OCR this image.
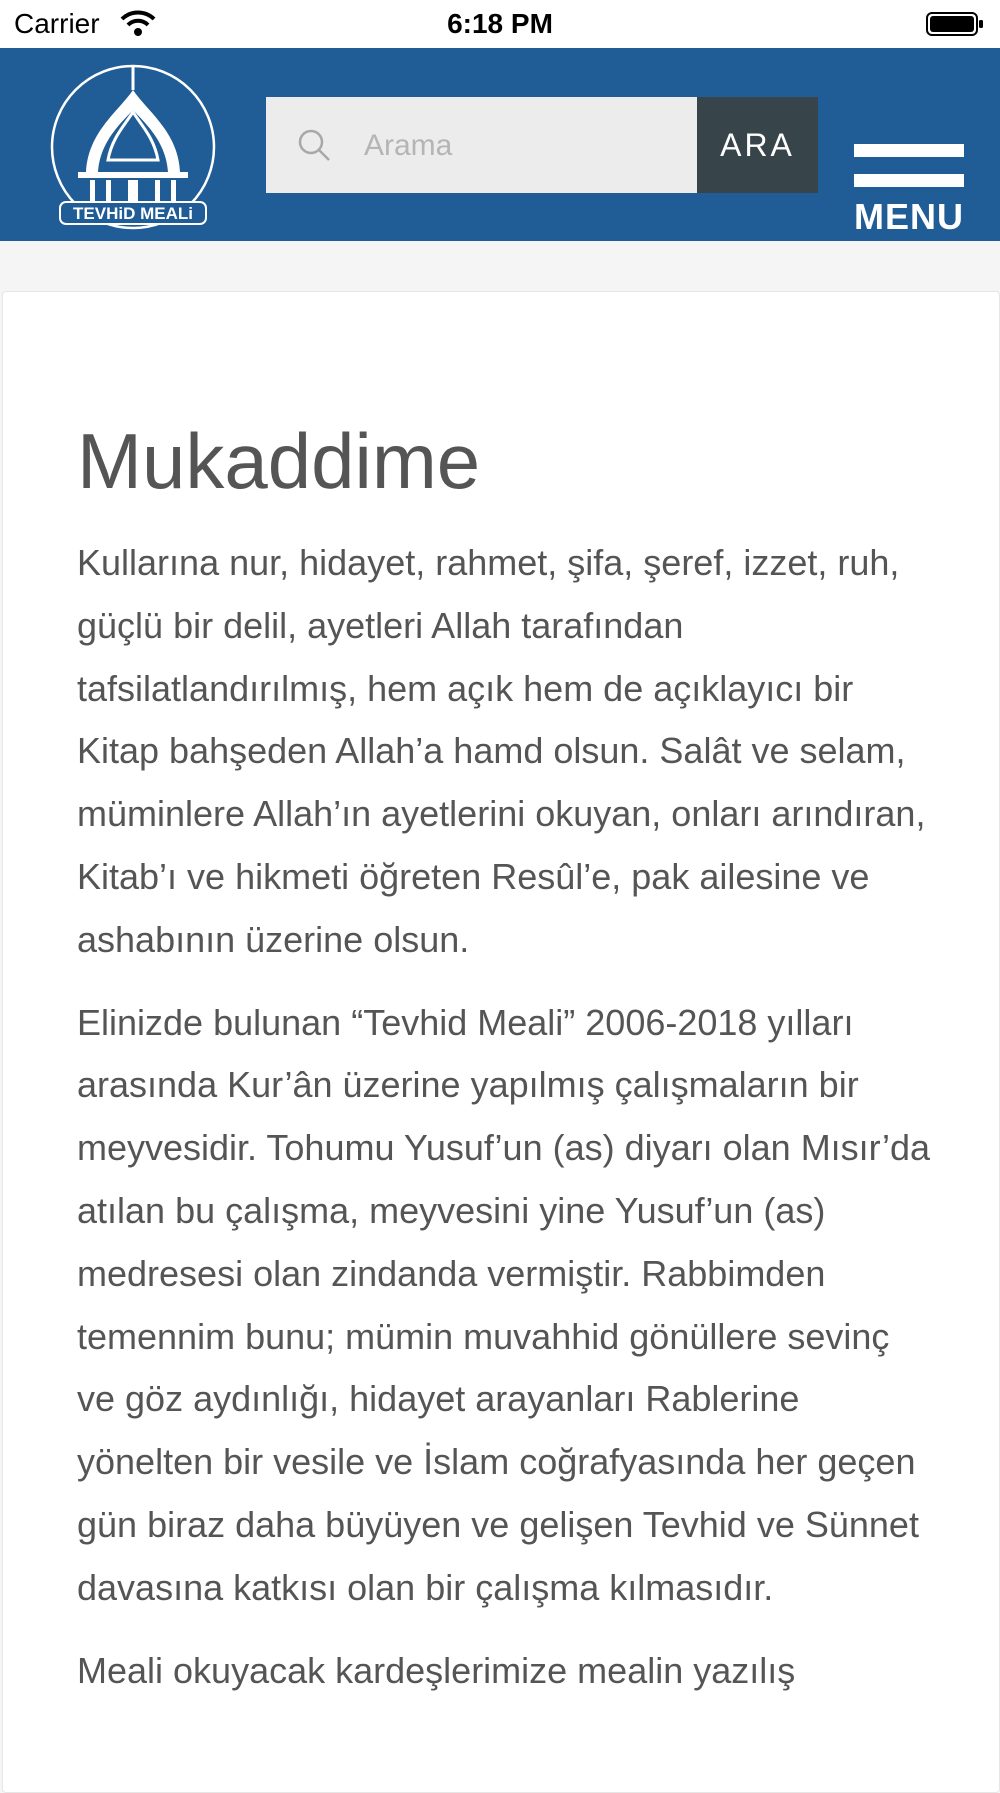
Carrier	6:18 PM
TEVHiD MEALi
Arama
ARA
MENU
Mukaddime

Kullarına nur, hidayet, rahmet, şifa, şeref, izzet, ruh, güçlü bir delil, ayetleri Allah tarafından tafsilatlandırılmış, hem açık hem de açıklayıcı bir Kitap bahşeden Allah’a hamd olsun. Salât ve selam, müminlere Allah’ın ayetlerini okuyan, onları arındıran, Kitab’ı ve hikmeti öğreten Resûl’e, pak ailesine ve ashabının üzerine olsun.

Elinizde bulunan “Tevhid Meali” 2006-2018 yılları arasında Kur’ân üzerine yapılmış çalışmaların bir meyvesidir. Tohumu Yusuf’un (as) diyarı olan Mısır’da atılan bu çalışma, meyvesini yine Yusuf’un (as) medresesi olan zindanda vermiştir. Rabbimden temennim bunu; mümin muvahhid gönüllere sevinç ve göz aydınlığı, hidayet arayanları Rablerine yönelten bir vesile ve İslam coğrafyasında her geçen gün biraz daha büyüyen ve gelişen Tevhid ve Sünnet davasına katkısı olan bir çalışma kılmasıdır.

Meali okuyacak kardeşlerimize mealin yazılış
